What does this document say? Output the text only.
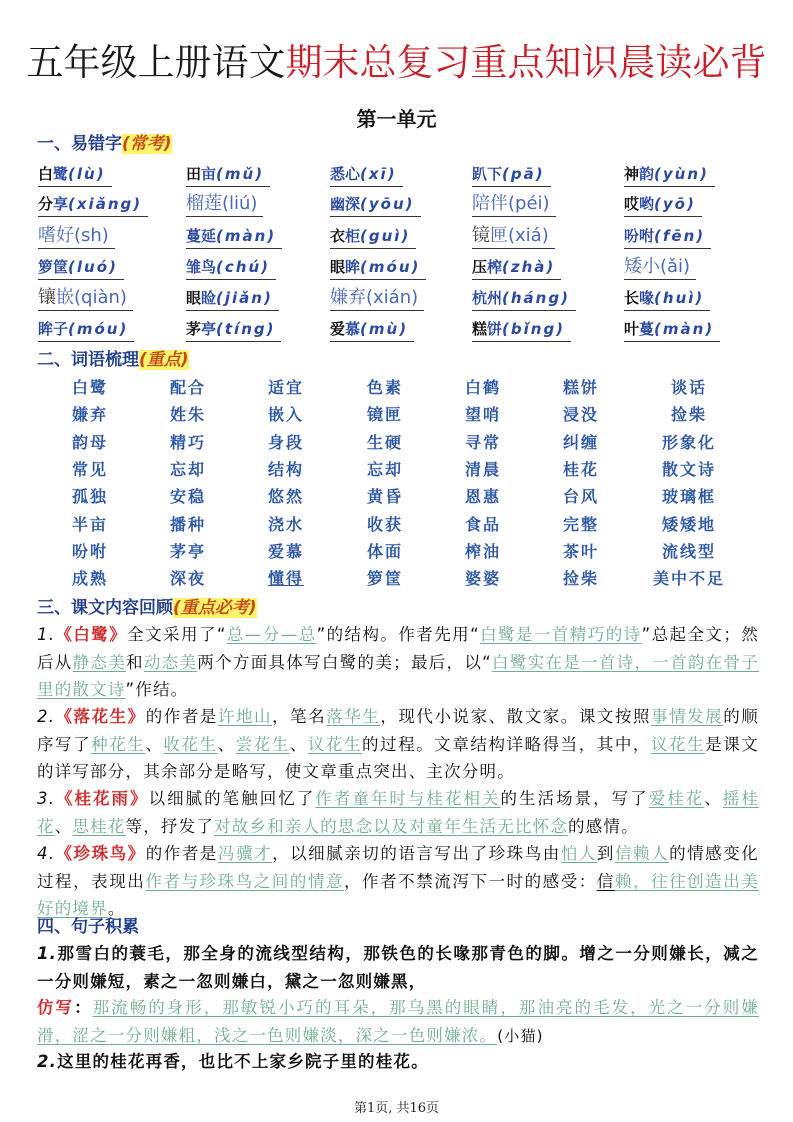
五年级上册语文期末总复习重点知识晨读必背
第一单元
一、易错字(常考)
白鹭(lù)	田亩(mǔ)	悉心(xī)	趴下(pā)	神韵(yùn)
分享(xiǎng)	榴莲(liú)	幽深(yōu)	陪伴(péi)	哎哟(yō)
嗜好(sh)	蔓延(màn)	衣柜(guì)	镜匣(xiá)	吩咐(fēn)
箩筐(luó)	雏鸟(chú)	眼眸(móu)	压榨(zhà)	矮小(ǎi)
镶嵌(qiàn)	眼睑(jiǎn)	嫌弃(xián)	杭州(háng)	长喙(huì)
眸子(móu)	茅亭(tíng)	爱慕(mù)	糕饼(bǐng)	叶蔓(màn)
二、词语梳理(重点)
白鹭	配合	适宜	色素	白鹤	糕饼	谈话
嫌弃	姓朱	嵌入	镜匣	望哨	浸没	捡柴
韵母	精巧	身段	生硬	寻常	纠缠	形象化
常见	忘却	结构	忘却	清晨	桂花	散文诗
孤独	安稳	悠然	黄昏	恩惠	台风	玻璃框
半亩	播种	浇水	收获	食品	完整	矮矮地
吩咐	茅亭	爱慕	体面	榨油	茶叶	流线型
成熟	深夜	懂得	箩筐	婆婆	捡柴	美中不足
三、课文内容回顾(重点必考)
1.《白鹭》全文采用了“总—分—总”的结构。作者先用“白鹭是一首精巧的诗”总起全文；然后从静态美和动态美两个方面具体写白鹭的美；最后，以“白鹭实在是一首诗，一首韵在骨子里的散文诗”作结。
2.《落花生》的作者是许地山，笔名落华生，现代小说家、散文家。课文按照事情发展的顺序写了种花生、收花生、尝花生、议花生的过程。文章结构详略得当，其中，议花生是课文的详写部分，其余部分是略写，使文章重点突出、主次分明。
3.《桂花雨》以细腻的笔触回忆了作者童年时与桂花相关的生活场景，写了爱桂花、摇桂花、思桂花等，抒发了对故乡和亲人的思念以及对童年生活无比怀念的感情。
4.《珍珠鸟》的作者是冯骥才，以细腻亲切的语言写出了珍珠鸟由怕人到信赖人的情感变化过程，表现出作者与珍珠鸟之间的情意，作者不禁流泻下一时的感受：信赖，往往创造出美好的境界。
四、句子积累
1.那雪白的蓑毛，那全身的流线型结构，那铁色的长喙那青色的脚。增之一分则嫌长，减之一分则嫌短，素之一忽则嫌白，黛之一忽则嫌黑，
仿写：那流畅的身形，那敏锐小巧的耳朵，那乌黑的眼睛，那油亮的毛发，光之一分则嫌滑，涩之一分则嫌粗，浅之一色则嫌淡，深之一色则嫌浓。(小猫)
2.这里的桂花再香，也比不上家乡院子里的桂花。
第1页, 共16页
